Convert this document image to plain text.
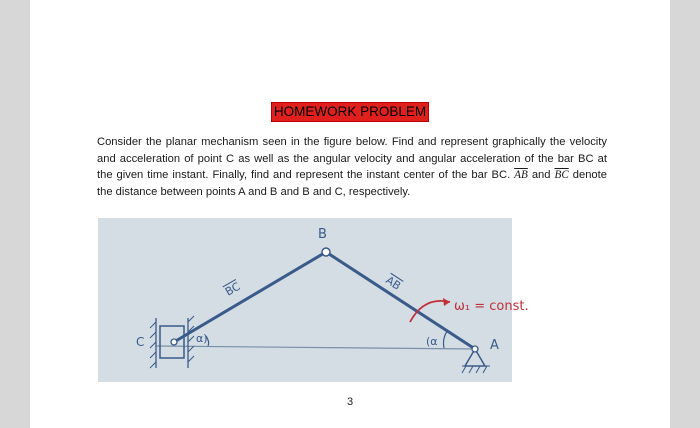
HOMEWORK PROBLEM
Consider the planar mechanism seen in the figure below. Find and represent graphically the velocity and acceleration of point C as well as the angular velocity and angular acceleration of the bar BC at the given time instant. Finally, find and represent the instant center of the bar BC. $\overline{AB}$ and $\overline{BC}$ denote the distance between points A and B and B and C, respectively.
B
A
C
BC	AB
α)	(α
ω₁ = const.
3
